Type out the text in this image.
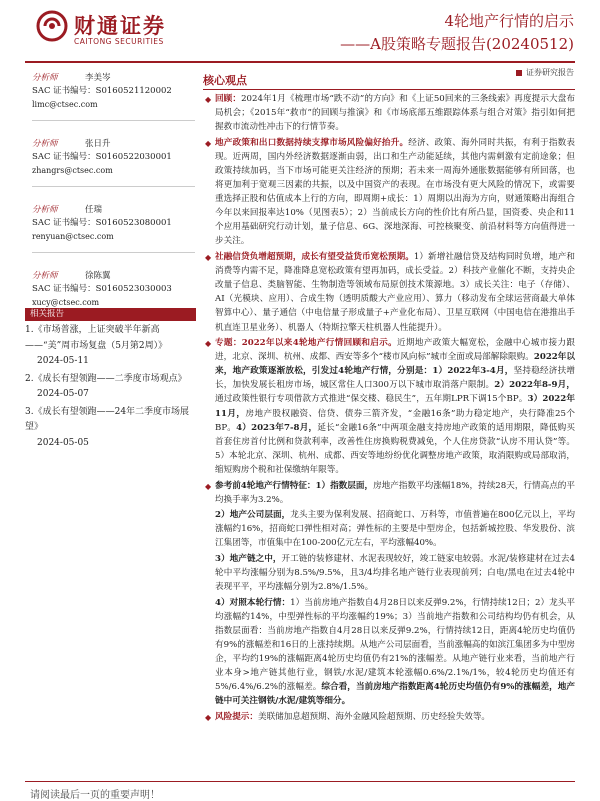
财通证券
CAITONG SECURITIES
4轮地产行情的启示
——A股策略专题报告(20240512)
证券研究报告
分析师	李美岑
SAC 证书编号：S0160521120002
limc@ctsec.com
分析师	张日升
SAC 证书编号：S0160522030001
zhangrs@ctsec.com
分析师	任瑞
SAC 证书编号：S0160523080001
renyuan@ctsec.com
分析师	徐陈翼
SAC 证书编号：S0160523030003
xucy@ctsec.com
相关报告
1.《市场普涨，上证突破半年新高——“美”周市场复盘（5月第2周）》
2024-05-11
2.《成长有望领跑——二季度市场观点》
2024-05-07
3.《成长有望领跑——24年二季度市场展望》
2024-05-05
核心观点

◆ 回顾：2024年1月《梳理市场“跌不动”的方向》和《上证50回来的三条线索》再度提示大盘布局机会；《2015年“救市”的回顾与推演》和《市场底部五维跟踪体系与组合对策》指引如何把握救市流动性冲击下的行情节奏。

◆ 地产政策和出口数据持续支撑市场风险偏好抬升。经济、政策、海外同时共振，有利于指数表现。近两周，国内外经济数据逐渐由弱，出口和生产动能延续，其他内需刺激有定前途象；但政策持续加码，当下市场可能更关注经济的预期；若未来一周海外通胀数据能够有所回落，也将更加利于宽观三因素的共振，以及中国资产的表现。在市场没有更大风险的情况下，或需要重选择正股和估值成本上行的方向，即周期+成长：1）周期以出海为方向，财通策略出海组合今年以来回报率达10%（见图表5）；2）当前成长方向的性价比有所凸显，国资委、央企和11个应用基础研究行动计划，量子信息、6G、深地深海、可控核聚变、前沿材料等方向值得进一步关注。

◆ 社融信贷负增超预期，成长有望受益货币宽松预期。1）新增社融信贷及结构同时负增，地产和消费等内需不足，降准降息宽松政策有望再加码，成长受益。2）科技产业催化不断，支持央企改量子信息、类脑智能、生物制造等领域布局原创技术策源地。3）成长关注：电子（存储）、AI（光模块、应用）、合成生物（透明质酸大产业应用）、算力（移动发布全球运营商最大单体智算中心）、量子通信（中电信量子形成量子+产业化布局）、卫星互联网（中国电信在港推出手机直连卫星业务）、机器人（特斯拉擎天柱机器人性能提升）。

◆ 专题：2022年以来4轮地产行情回顾和启示。近期地产政策大幅宽松，金融中心城市接力跟进，北京、深圳、杭州、成都、西安等多个“楼市风向标”城市全面或局部解除限购。2022年以来，地产政策逐渐放松，引发过4轮地产行情，分别是：1）2022年3-4月，坚持稳经济扶增长，加快发展长租房市场，城区常住人口300万以下城市取消落户限制。2）2022年8-9月，通过政策性银行专项借款方式推进“保交楼、稳民生”，五年期LPR下调15个BP。3）2022年11月，房地产股权融资、信贷、债券三箭齐发，“金融16条”助力稳定地产，央行降准25个BP。4）2023年7-8月，延长“金融16条”中两项金融支持房地产政策的适用期限，降低购买首套住房首付比例和贷款利率，改善性住房换购税费减免，个人住房贷款“认房不用认贷”等。5）本轮北京、深圳、杭州、成都、西安等地纷纷优化调整房地产政策，取消限购或局部取消，缩短购房个税和社保缴纳年限等。

◆ 参考前4轮地产行情特征：1）指数层面，房地产指数平均涨幅18%，持续28天，行情高点的平均换手率为3.2%。

2）地产公司层面，龙头主要为保利发展、招商蛇口、万科等，市值普遍在800亿元以上，平均涨幅约16%，招商蛇口弹性相对高；弹性标的主要是中型房企，包括新城控股、华发股份、滨江集团等，市值集中在100-200亿元左右，平均涨幅40%。

3）地产链之中，开工链的装修建材、水泥表现较好，竣工链家电较弱。水泥/装修建材在过去4轮中平均涨幅分别为8.5%/9.5%，且3/4均排名地产链行业表现前列；白电/黑电在过去4轮中表现平平，平均涨幅分别为2.8%/1.5%。

4）对照本轮行情：1）当前房地产指数自4月28日以来反弹9.2%，行情持续12日；2）龙头平均涨幅约14%，中型弹性标的平均涨幅约19%；3）当前地产指数和公司结构均仍有机会，从指数层面看：当前房地产指数自4月28日以来反弹9.2%，行情持续12日，距离4轮历史均值仍有9%的涨幅差和16日的上涨持续期。从地产公司层面看，当前涨幅高的如滨江集团多为中型房企，平均约19%的涨幅距离4轮历史均值仍有21%的涨幅差。从地产链行业来看，当前地产行业本身>地产链其他行业，钢铁/水泥/建筑本轮涨幅0.6%/2.1%/1%，较4轮历史均值还有5%/6.4%/6.2%的涨幅差。综合看，当前房地产指数距离4轮历史均值仍有9%的涨幅差，地产链中可关注钢铁/水泥/建筑等细分。

◆ 风险提示：美联储加息超预期、海外金融风险超预期、历史经验失效等。

请阅读最后一页的重要声明！
